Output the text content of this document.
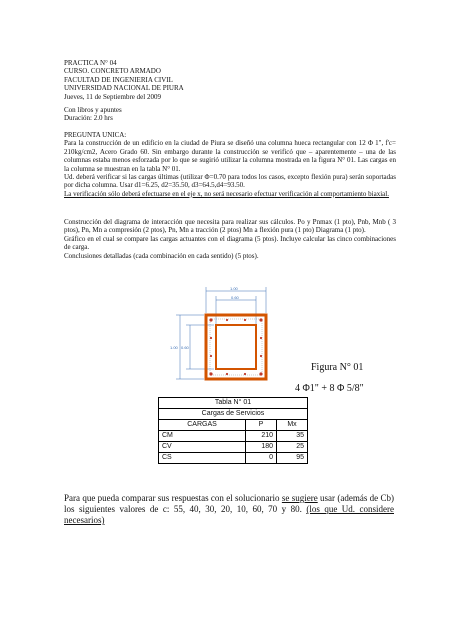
PRACTICA N° 04
CURSO. CONCRETO ARMADO
FACULTAD DE INGENIERIA CIVIL
UNIVERSIDAD NACIONAL DE PIURA
Jueves, 11 de Septiembre del 2009
Con libros y apuntes
Duración: 2.0 hrs
PREGUNTA UNICA:
Para la construcción de un edificio en la ciudad de Piura se diseñó una columna hueca rectangular con 12 Φ 1", f'c= 210kg/cm2, Acero Grado 60. Sin embargo durante la construcción se verificó que – aparentemente – una de las columnas estaba menos esforzada por lo que se sugirió utilizar la columna mostrada en la figura N° 01. Las cargas en la columna se muestran en la tabla N° 01.
Ud. deberá verificar si las cargas últimas (utilizar Φ=0.70 para todos los casos, excepto flexión pura) serán soportadas por dicha columna. Usar d1=6.25, d2=35.50, d3=64.5,d4=93.50.
La verificación sólo deberá efectuarse en el eje x, no será necesario efectuar verificación al comportamiento biaxial.
Construcción del diagrama de interacción que necesita para realizar sus cálculos. Po y Pnmax (1 pto), Pnb, Mnb ( 3 ptos), Pn, Mn a compresión (2 ptos), Pn, Mn a tracción (2 ptos) Mn a flexión pura (1 pto) Diagrama (1 pto).
Gráfico en el cual se compare las cargas actuantes con el diagrama (5 ptos). Incluye calcular las cinco combinaciones de carga.
Conclusiones detalladas (cada combinación en cada sentido) (5 ptos).
1.00
0.60
1.00 0.60
Figura N° 01
4 Φ1" + 8 Φ 5/8"
Tabla N° 01		
Cargas de Servicios		
CARGAS	P	Mx
CM	210	35
CV	180	25
CS	0	95
Para que pueda comparar sus respuestas con el solucionario se sugiere usar (además de Cb) los siguientes valores de c: 55, 40, 30, 20, 10, 60, 70 y 80. (los que Ud. considere necesarios)
